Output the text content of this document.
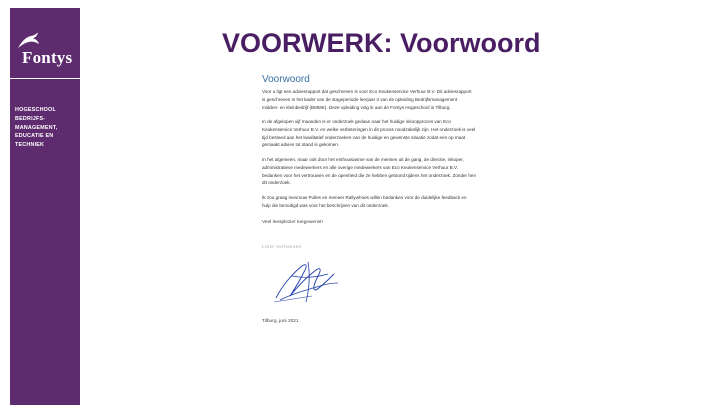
Fontys
HOGESCHOOL
BEDRIJFS-
MANAGEMENT,
EDUCATIE EN
TECHNIEK
VOORWERK: Voorwoord
Voorwoord
Voor u ligt een adviesrapport dat geschreven is voor Eco Keukenservice Verhuur B.V. Dit adviesrapport
is geschreven in het kader van de stageperiode leerjaar 3 van de opleiding Bedrijfsmanagement
midden- en kleinbedrijf (BMMK). Deze opleiding volg ik aan de Fontys Hogeschool in Tilburg.
In de afgelopen vijf maanden is er onderzoek gedaan naar het huidige inkoopproces van Eco
Keukenservice Verhuur B.V. en welke verbeteringen in dit proces noodzakelijk zijn. Het onderzoek is veel
tijd besteed aan het kwalitatief onderzoeken van de huidige en gewenste situatie zodat een op maat
gemaakt advies tot stand is gekomen.
In het algemeen, maar ook door het enthousiasme van de mensen uit de gang, de directie, inkoper,
administratieve medewerkers en alle overige medewerkers van Eco Keukenservice Verhuur B.V.
bedanken voor het vertrouwen en de openheid die ze hebben getoond tijdens het onderzoek. Zonder hen
dit onderzoek.
Ik zou graag mevrouw Pulles en meneer Rallywhoes willen bedanken voor de duidelijke feedback en
hulp die benodigd was voor het beschrijven van dit onderzoek.
Veel leesplezier toegewenst!
Lotte Verhoeven
Tilburg, juni 2021
